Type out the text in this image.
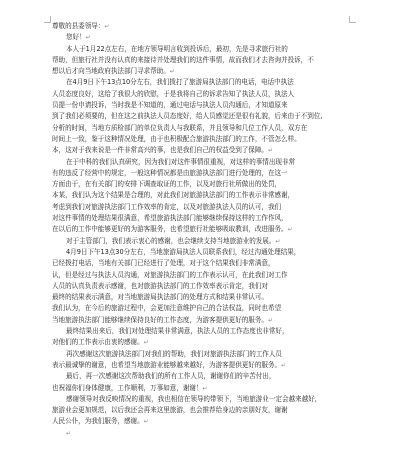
尊敬的县委领导：↵
您好！↵
本人于1月22点左右，在地方领导明言收到投诉后，最初，先是寻求旅行社的
帮助，但旅行社并没有认真的来接待并处理我们的这件事情，故而我们才去咨询并投诉，不
想以后才向当地政府执法部门寻求帮助。↵
在4月9日下午13点10分左右，我们拨打了旅游局执法部门的电话，电话中执法
人员态度良好，这给了我很大的欣慰，于是我将自己的诉求告知了执法人员，执法人
员提一份申请投诉，当时我是不知道的，通过电话与执法人员沟通后，才知道原来
到了我们必须要的，但在这之前执法人员态度好，给人员感觉还是很有礼貌，后来由于不到位,
分析的时间，当地方质检部门的单位负责人与我联系，并且领导和几位工作人员，双方在
时间上一致，鉴于这种情况处理，由于也积极配合旅游执法部门的工作，不管怎么样。
本，这对于我来说是一件非常高兴的事，也是我们自己的权益受到了保障。↵
在于中科的我们认真研究，因为我们对这件事情很重视，对这样的事情出现非常
有的违反了经营中的规定，一般这种情况都是由旅游执法部门进行处理的，在这一
方面由于，在有关部门的安排下调查取证的工作，以及对旅行社所做出的处罚，
本某，我们认为这个结果是合理的，对此我们对旅游执法部门的工作表示非常感谢，
考虑到我们对旅游执法部门工作效率的肯定，以及对旅游执法人员的认可，我们
对这件事情的处理结果很满意，希望旅游执法部门能够继续保持这样的工作作风，
在以后的工作中能够更好的为游客服务，也希望旅行社能够吸取教训，改进服务。↵
对于主管部门，我们表示衷心的感谢，也会继续支持当地旅游业的发展。↵
4月9日下午13点30分左右，当地旅游局执法人员联系我们，经过沟通处理结果，
已经拨打电话，当地有关部门已经进行了处理，对于这个结果我们非常满意，
认，但是经过与执法人员沟通，对旅游执法部门的工作表示认可，在此我们对工作
人员的认真负责表示感谢，也对旅游执法部门的工作效率表示肯定，我们对
最终的结果表示满意，对当地旅游局执法部门的处理方式和结果非常认可。
我们认为，在今后的旅游过程中，会更加注意维护自己的合法权益，同时也希望
当地旅游执法部门能够继续保持良好的工作态度，为游客提供更好的服务。↵
最终结果出来后，我们对处理结果非常满意，执法人员的工作态度也非常好，
对他们的工作表示由衷的感谢。↵
再次感谢这次旅游执法部门对我们的帮助，我们对旅游执法部门的工作人员
表示最诚挚的谢意，也希望当地旅游业能够越来越好，为游客提供更好的服务。↵
最后，再一次感谢这次帮助我们的所有工作人员，谢谢你们的辛苦付出，
也祝福你们身体健康，工作顺利，万事如意，谢谢！↵
感谢领导对我反映情况的重视，我也相信在领导的带领下，当地旅游业一定会越来越好，
旅游业会更加规范，以后我还会再来这里旅游，也会推荐给身边的亲朋好友，谢谢
人民公仆，为我们服务，感谢。↵
↵
